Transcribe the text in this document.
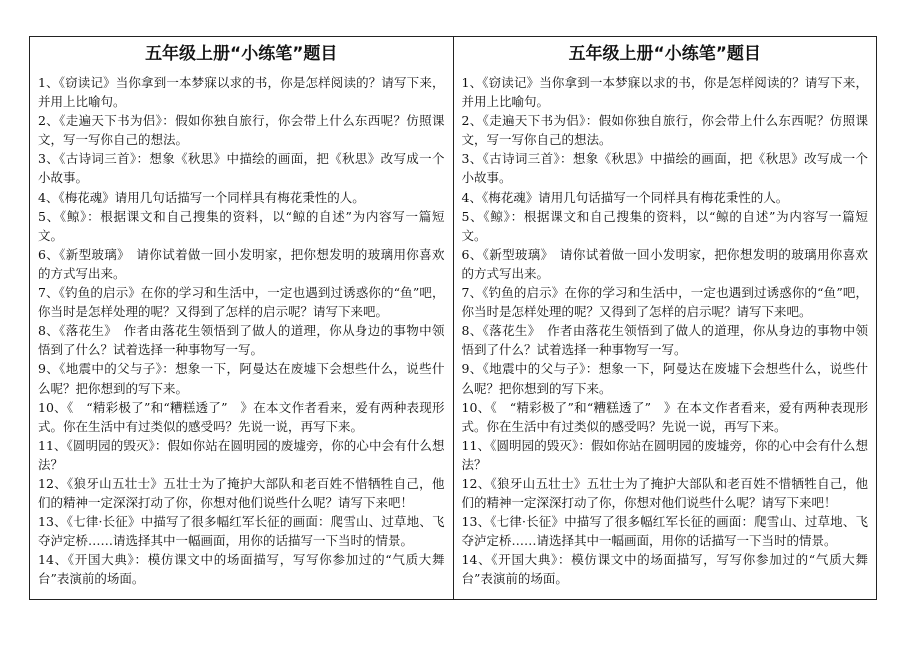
五年级上册“小练笔”题目
1、《窃读记》当你拿到一本梦寐以求的书，你是怎样阅读的？请写下来，并用上比喻句。
2、《走遍天下书为侣》：假如你独自旅行，你会带上什么东西呢？仿照课文，写一写你自己的想法。
3、《古诗词三首》：想象《秋思》中描绘的画面，把《秋思》改写成一个小故事。
4、《梅花魂》请用几句话描写一个同样具有梅花秉性的人。
5、《鲸》：根据课文和自己搜集的资料，以“鲸的自述”为内容写一篇短文。
6、《新型玻璃》　请你试着做一回小发明家，把你想发明的玻璃用你喜欢的方式写出来。
7、《钓鱼的启示》在你的学习和生活中，一定也遇到过诱惑你的“鱼”吧，你当时是怎样处理的呢？又得到了怎样的启示呢？请写下来吧。
8、《落花生》　作者由落花生领悟到了做人的道理，你从身边的事物中领悟到了什么？试着选择一种事物写一写。
9、《地震中的父与子》：想象一下，阿曼达在废墟下会想些什么，说些什么呢？把你想到的写下来。
10、《　“精彩极了”和“糟糕透了”　》在本文作者看来，爱有两种表现形式。你在生活中有过类似的感受吗？先说一说，再写下来。
11、《圆明园的毁灭》：假如你站在圆明园的废墟旁，你的心中会有什么想法？
12、《狼牙山五壮士》五壮士为了掩护大部队和老百姓不惜牺牲自己，他们的精神一定深深打动了你，你想对他们说些什么呢？请写下来吧！
13、《七律·长征》中描写了很多幅红军长征的画面：爬雪山、过草地、飞夺泸定桥……请选择其中一幅画面，用你的话描写一下当时的情景。
14、《开国大典》：模仿课文中的场面描写，写写你参加过的“气质大舞台”表演前的场面。
五年级上册“小练笔”题目
1、《窃读记》当你拿到一本梦寐以求的书，你是怎样阅读的？请写下来，并用上比喻句。
2、《走遍天下书为侣》：假如你独自旅行，你会带上什么东西呢？仿照课文，写一写你自己的想法。
3、《古诗词三首》：想象《秋思》中描绘的画面，把《秋思》改写成一个小故事。
4、《梅花魂》请用几句话描写一个同样具有梅花秉性的人。
5、《鲸》：根据课文和自己搜集的资料，以“鲸的自述”为内容写一篇短文。
6、《新型玻璃》　请你试着做一回小发明家，把你想发明的玻璃用你喜欢的方式写出来。
7、《钓鱼的启示》在你的学习和生活中，一定也遇到过诱惑你的“鱼”吧，你当时是怎样处理的呢？又得到了怎样的启示呢？请写下来吧。
8、《落花生》　作者由落花生领悟到了做人的道理，你从身边的事物中领悟到了什么？试着选择一种事物写一写。
9、《地震中的父与子》：想象一下，阿曼达在废墟下会想些什么，说些什么呢？把你想到的写下来。
10、《　“精彩极了”和“糟糕透了”　》在本文作者看来，爱有两种表现形式。你在生活中有过类似的感受吗？先说一说，再写下来。
11、《圆明园的毁灭》：假如你站在圆明园的废墟旁，你的心中会有什么想法？
12、《狼牙山五壮士》五壮士为了掩护大部队和老百姓不惜牺牲自己，他们的精神一定深深打动了你，你想对他们说些什么呢？请写下来吧！
13、《七律·长征》中描写了很多幅红军长征的画面：爬雪山、过草地、飞夺泸定桥……请选择其中一幅画面，用你的话描写一下当时的情景。
14、《开国大典》：模仿课文中的场面描写，写写你参加过的“气质大舞台”表演前的场面。
